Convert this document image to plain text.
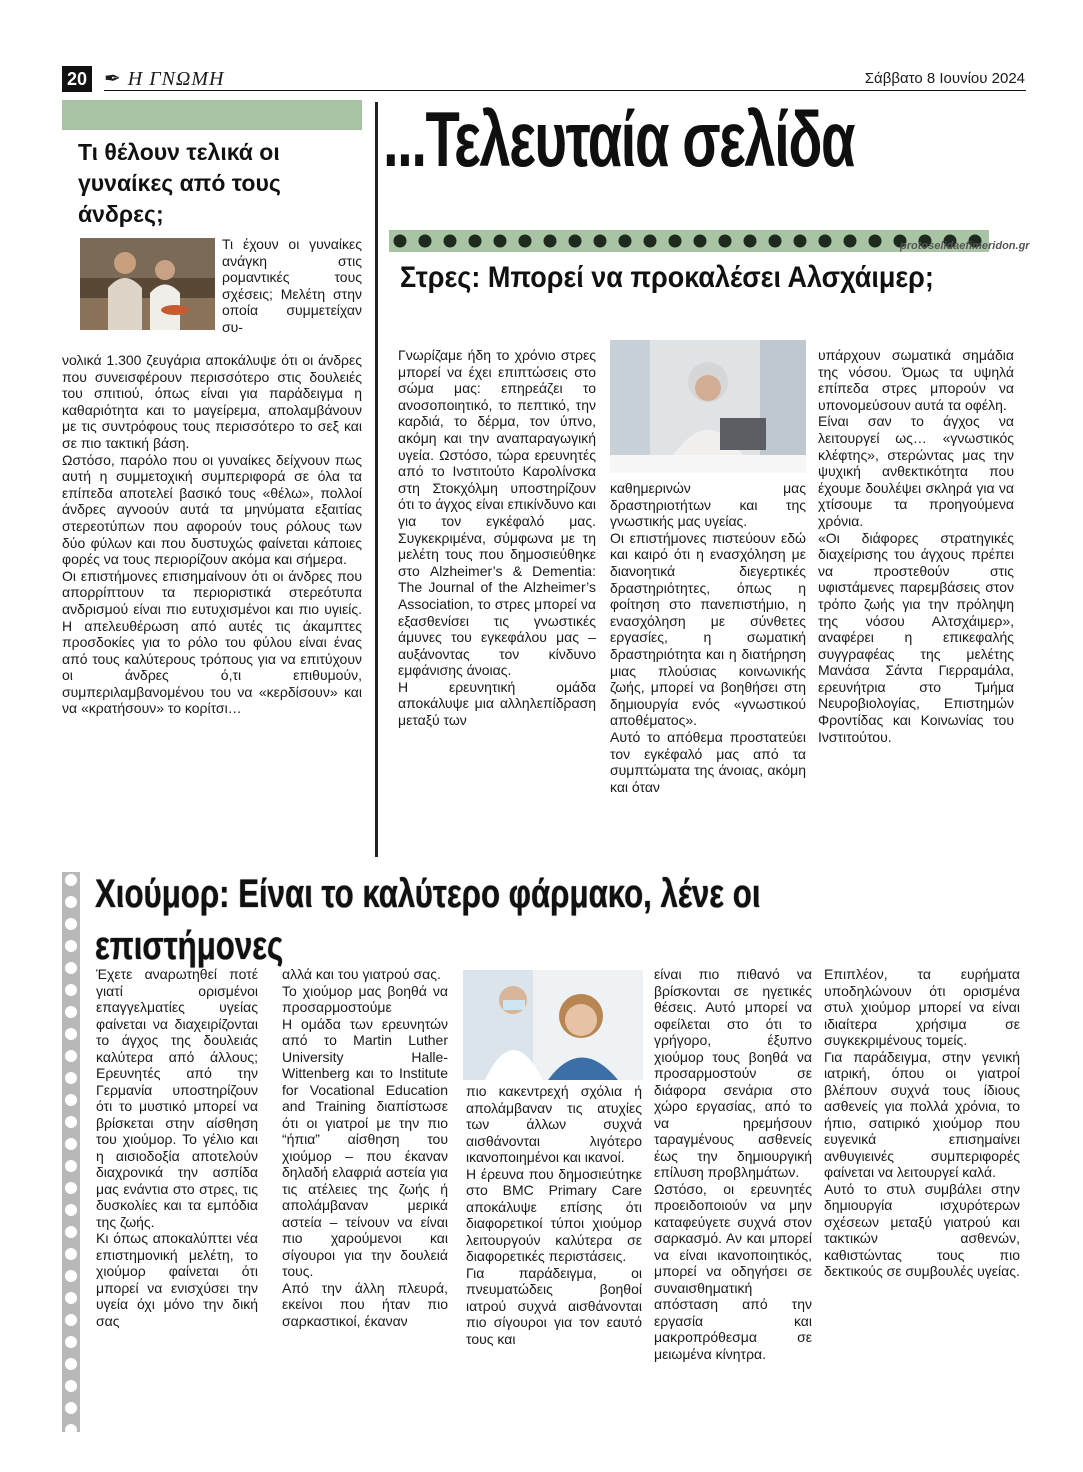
20 ✒ Η ΓΝΩΜΗ	Σάββατο 8 Ιουνίου 2024
Τι θέλουν τελικά οι γυναίκες από τους άνδρες;

Τι έχουν οι γυναίκες ανάγκη στις ρομαντικές τους σχέσεις; Μελέτη στην οποία συμμετείχαν συ-

νολικά 1.300 ζευγάρια αποκάλυψε ότι οι άνδρες που συνεισφέρουν περισσότερο στις δουλειές του σπιτιού, όπως είναι για παράδειγμα η καθαριότητα και το μαγείρεμα, απολαμβάνουν με τις συντρόφους τους περισσότερο το σεξ και σε πιο τακτική βάση.

Ωστόσο, παρόλο που οι γυναίκες δείχνουν πως αυτή η συμμετοχική συμπεριφορά σε όλα τα επίπεδα αποτελεί βασικό τους «θέλω», πολλοί άνδρες αγνοούν αυτά τα μηνύματα εξαιτίας στερεοτύπων που αφορούν τους ρόλους των δύο φύλων και που δυστυχώς φαίνεται κάποιες φορές να τους περιορίζουν ακόμα και σήμερα.

Οι επιστήμονες επισημαίνουν ότι οι άνδρες που απορρίπτουν τα περιοριστικά στερεότυπα ανδρισμού είναι πιο ευτυχισμένοι και πιο υγιείς. Η απελευθέρωση από αυτές τις άκαμπτες προσδοκίες για το ρόλο του φύλου είναι ένας από τους καλύτερους τρόπους για να επιτύχουν οι άνδρες ό,τι επιθυμούν, συμπεριλαμβανομένου του να «κερδίσουν» και να «κρατήσουν» το κορίτσι…

...Τελευταία σελίδα
protoselidaefimeridon.gr
Στρες: Μπορεί να προκαλέσει Αλσχάιμερ;

Γνωρίζαμε ήδη το χρόνιο στρες μπορεί να έχει επιπτώσεις στο σώμα μας: επηρεάζει το ανοσοποιητικό, το πεπτικό, την καρδιά, το δέρμα, τον ύπνο, ακόμη και την αναπαραγωγική υγεία. Ωστόσο, τώρα ερευνητές από το Ινστιτούτο Καρολίνσκα στη Στοκχόλμη υποστηρίζουν ότι το άγχος είναι επικίνδυνο και για τον εγκέφαλό μας. Συγκεκριμένα, σύμφωνα με τη μελέτη τους που δημοσιεύθηκε στο Alzheimer’s & Dementia: The Journal of the Alzheimer’s Association, το στρες μπορεί να εξασθενίσει τις γνωστικές άμυνες του εγκεφάλου μας – αυξάνοντας τον κίνδυνο εμφάνισης άνοιας.

Η ερευνητική ομάδα αποκάλυψε μια αλληλεπίδραση μεταξύ των

καθημερινών μας δραστηριοτήτων και της γνωστικής μας υγείας.

Οι επιστήμονες πιστεύουν εδώ και καιρό ότι η ενασχόληση με διανοητικά διεγερτικές δραστηριότητες, όπως η φοίτηση στο πανεπιστήμιο, η ενασχόληση με σύνθετες εργασίες, η σωματική δραστηριότητα και η διατήρηση μιας πλούσιας κοινωνικής ζωής, μπορεί να βοηθήσει στη δημιουργία ενός «γνωστικού αποθέματος».

Αυτό το απόθεμα προστατεύει τον εγκέφαλό μας από τα συμπτώματα της άνοιας, ακόμη και όταν

υπάρχουν σωματικά σημάδια της νόσου. Όμως τα υψηλά επίπεδα στρες μπορούν να υπονομεύσουν αυτά τα οφέλη.

Είναι σαν το άγχος να λειτουργεί ως… «γνωστικός κλέφτης», στερώντας μας την ψυχική ανθεκτικότητα που έχουμε δουλέψει σκληρά για να χτίσουμε τα προηγούμενα χρόνια.

«Οι διάφορες στρατηγικές διαχείρισης του άγχους πρέπει να προστεθούν στις υφιστάμενες παρεμβάσεις στον τρόπο ζωής για την πρόληψη της νόσου Αλτσχάιμερ», αναφέρει η επικεφαλής συγγραφέας της μελέτης Μανάσα Σάντα Γιερραμάλα, ερευνήτρια στο Τμήμα Νευροβιολογίας, Επιστημών Φροντίδας και Κοινωνίας του Ινστιτούτου.

Χιούμορ: Είναι το καλύτερο φάρμακο, λένε οι επιστήμονες

Έχετε αναρωτηθεί ποτέ γιατί ορισμένοι επαγγελματίες υγείας φαίνεται να διαχειρίζονται το άγχος της δουλειάς καλύτερα από άλλους; Ερευνητές από την Γερμανία υποστηρίζουν ότι το μυστικό μπορεί να βρίσκεται στην αίσθηση του χιούμορ. Το γέλιο και η αισιοδοξία αποτελούν διαχρονικά την ασπίδα μας ενάντια στο στρες, τις δυσκολίες και τα εμπόδια της ζωής.

Κι όπως αποκαλύπτει νέα επιστημονική μελέτη, το χιούμορ φαίνεται ότι μπορεί να ενισχύσει την υγεία όχι μόνο την δική σας

αλλά και του γιατρού σας.

Το χιούμορ μας βοηθά να προσαρμοστούμε

Η ομάδα των ερευνητών από το Martin Luther University Halle-Wittenberg και το Institute for Vocational Education and Training διαπίστωσε ότι οι γιατροί με την πιο “ήπια” αίσθηση του χιούμορ – που έκαναν δηλαδή ελαφριά αστεία για τις ατέλειες της ζωής ή απολάμβαναν μερικά αστεία – τείνουν να είναι πιο χαρούμενοι και σίγουροι για την δουλειά τους.

Από την άλλη πλευρά, εκείνοι που ήταν πιο σαρκαστικοί, έκαναν

πιο κακεντρεχή σχόλια ή απολάμβαναν τις ατυχίες των άλλων συχνά αισθάνονται λιγότερο ικανοποιημένοι και ικανοί.

Η έρευνα που δημοσιεύτηκε στο BMC Primary Care αποκάλυψε επίσης ότι διαφορετικοί τύποι χιούμορ λειτουργούν καλύτερα σε διαφορετικές περιστάσεις.

Για παράδειγμα, οι πνευματώδεις βοηθοί ιατρού συχνά αισθάνονται πιο σίγουροι για τον εαυτό τους και

είναι πιο πιθανό να βρίσκονται σε ηγετικές θέσεις. Αυτό μπορεί να οφείλεται στο ότι το γρήγορο, έξυπνο χιούμορ τους βοηθά να προσαρμοστούν σε διάφορα σενάρια στο χώρο εργασίας, από το να ηρεμήσουν ταραγμένους ασθενείς έως την δημιουργική επίλυση προβλημάτων.

Ωστόσο, οι ερευνητές προειδοποιούν να μην καταφεύγετε συχνά στον σαρκασμό. Αν και μπορεί να είναι ικανοποιητικός, μπορεί να οδηγήσει σε συναισθηματική απόσταση από την εργασία και μακροπρόθεσμα σε μειωμένα κίνητρα.

Επιπλέον, τα ευρήματα υποδηλώνουν ότι ορισμένα στυλ χιούμορ μπορεί να είναι ιδιαίτερα χρήσιμα σε συγκεκριμένους τομείς.

Για παράδειγμα, στην γενική ιατρική, όπου οι γιατροί βλέπουν συχνά τους ίδιους ασθενείς για πολλά χρόνια, το ήπιο, σατιρικό χιούμορ που ευγενικά επισημαίνει ανθυγιεινές συμπεριφορές φαίνεται να λειτουργεί καλά.

Αυτό το στυλ συμβάλει στην δημιουργία ισχυρότερων σχέσεων μεταξύ γιατρού και τακτικών ασθενών, καθιστώντας τους πιο δεκτικούς σε συμβουλές υγείας.
